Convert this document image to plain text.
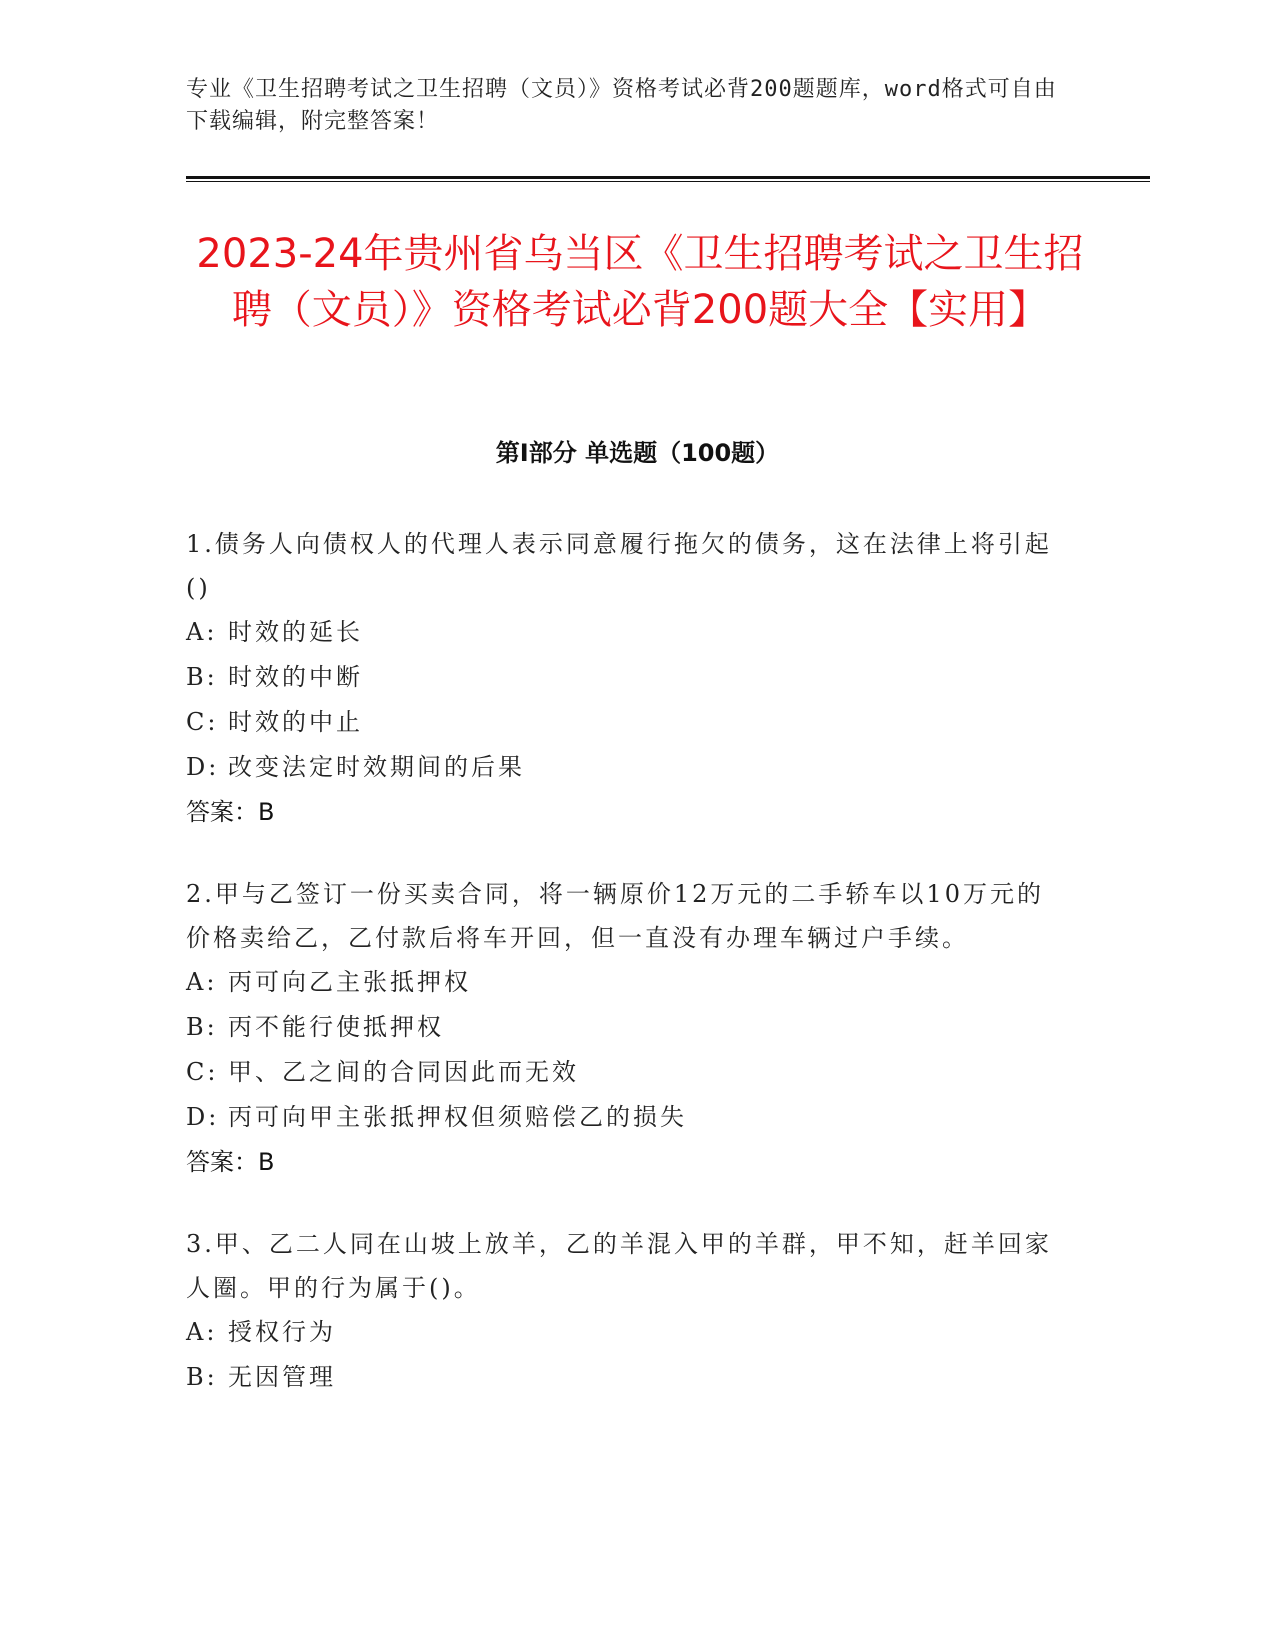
专业《卫生招聘考试之卫生招聘（文员）》资格考试必背200题题库，word格式可自由下载编辑，附完整答案！
2023-24年贵州省乌当区《卫生招聘考试之卫生招聘（文员）》资格考试必背200题大全【实用】
第Ⅰ部分 单选题（100题）
1.债务人向债权人的代理人表示同意履行拖欠的债务，这在法律上将引起()
A: 时效的延长
B: 时效的中断
C: 时效的中止
D: 改变法定时效期间的后果
答案：B
2.甲与乙签订一份买卖合同，将一辆原价12万元的二手轿车以10万元的价格卖给乙，乙付款后将车开回，但一直没有办理车辆过户手续。
A: 丙可向乙主张抵押权
B: 丙不能行使抵押权
C: 甲、乙之间的合同因此而无效
D: 丙可向甲主张抵押权但须赔偿乙的损失
答案：B
3.甲、乙二人同在山坡上放羊，乙的羊混入甲的羊群，甲不知，赶羊回家人圈。甲的行为属于()。
A: 授权行为
B: 无因管理
